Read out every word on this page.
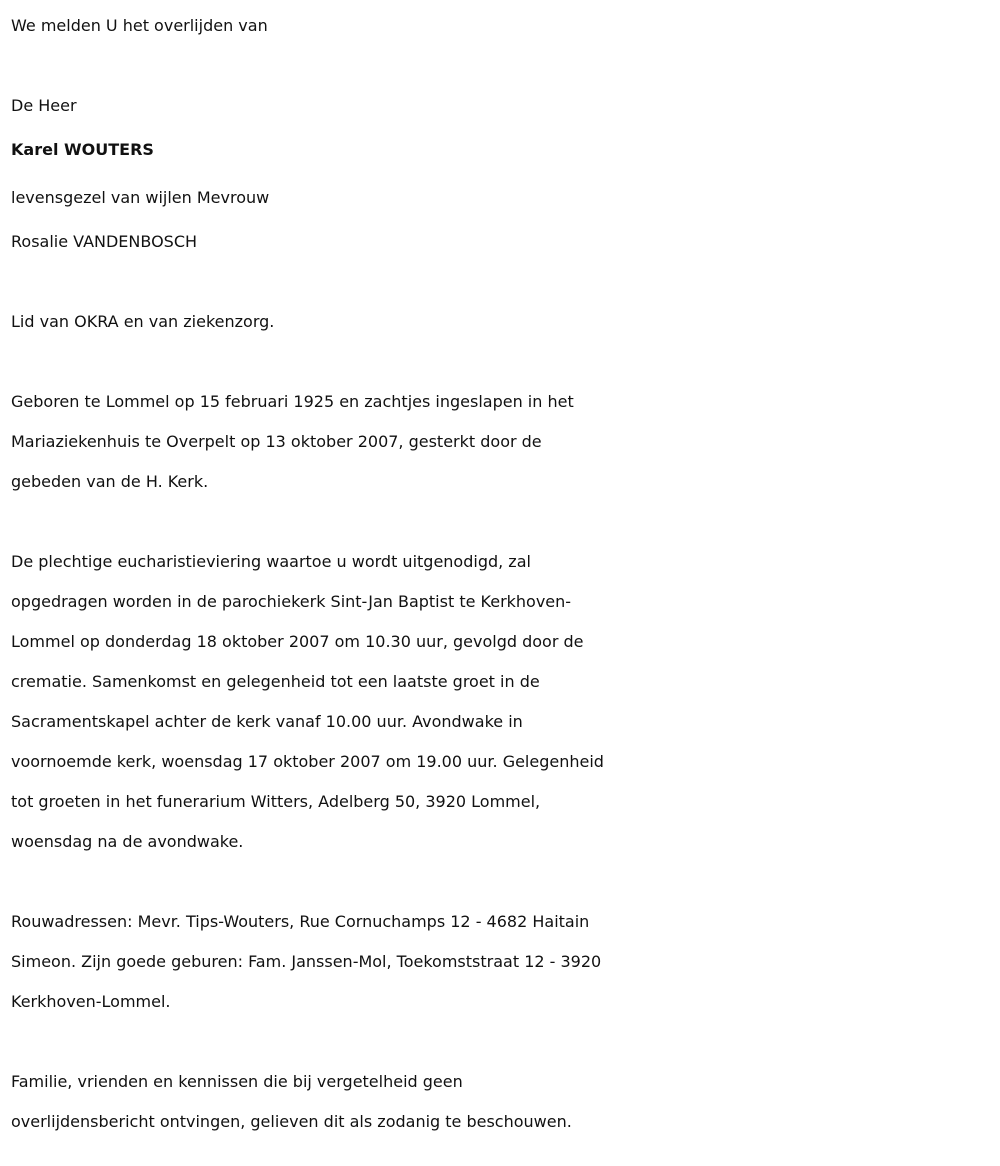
We melden U het overlijden van
De Heer
Karel WOUTERS
levensgezel van wijlen Mevrouw
Rosalie VANDENBOSCH
Lid van OKRA en van ziekenzorg.
Geboren te Lommel op 15 februari 1925 en zachtjes ingeslapen in het
Mariaziekenhuis te Overpelt op 13 oktober 2007, gesterkt door de
gebeden van de H. Kerk.
De plechtige eucharistieviering waartoe u wordt uitgenodigd, zal
opgedragen worden in de parochiekerk Sint-Jan Baptist te Kerkhoven-
Lommel op donderdag 18 oktober 2007 om 10.30 uur, gevolgd door de
crematie. Samenkomst en gelegenheid tot een laatste groet in de
Sacramentskapel achter de kerk vanaf 10.00 uur. Avondwake in
voornoemde kerk, woensdag 17 oktober 2007 om 19.00 uur. Gelegenheid
tot groeten in het funerarium Witters, Adelberg 50, 3920 Lommel,
woensdag na de avondwake.
Rouwadressen: Mevr. Tips-Wouters, Rue Cornuchamps 12 - 4682 Haitain
Simeon. Zijn goede geburen: Fam. Janssen-Mol, Toekomststraat 12 - 3920
Kerkhoven-Lommel.
Familie, vrienden en kennissen die bij vergetelheid geen
overlijdensbericht ontvingen, gelieven dit als zodanig te beschouwen.
